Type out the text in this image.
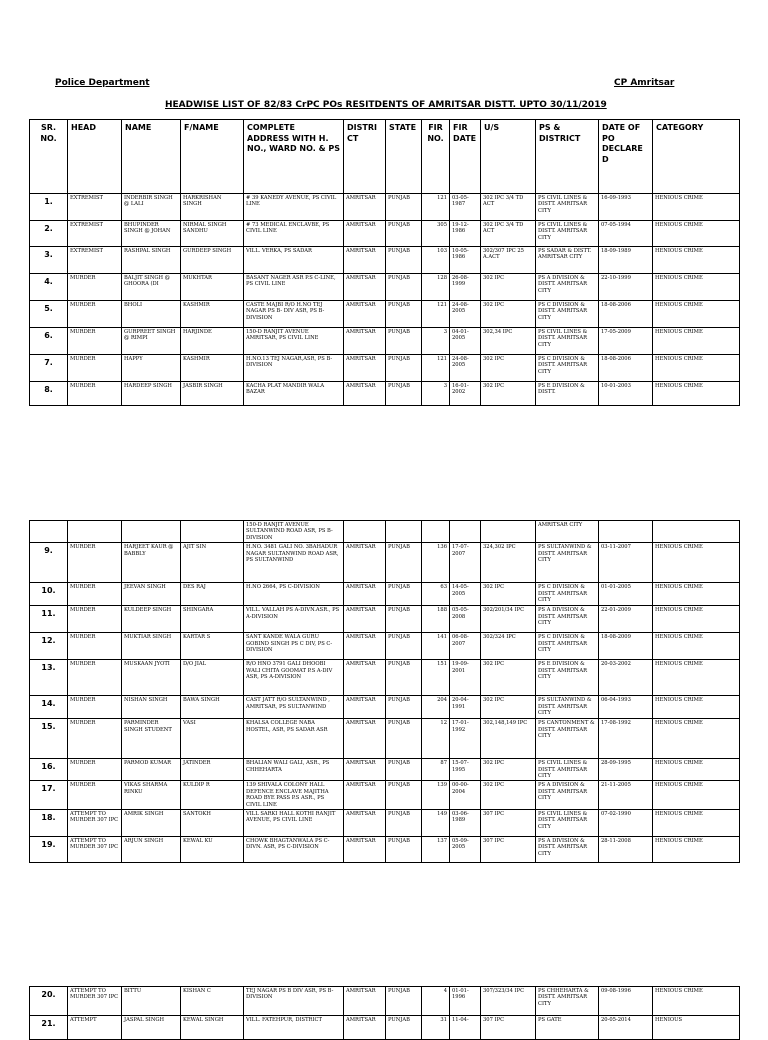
Police Department	CP Amritsar
HEADWISE LIST OF 82/83 CrPC POs RESITDENTS OF AMRITSAR DISTT. UPTO 30/11/2019
SR. NO.	HEAD	NAME	F/NAME	COMPLETE ADDRESS WITH H. NO., WARD NO. & PS	DISTRICT	STATE	FIR NO.	FIR DATE	U/S	PS & DISTRICT	DATE OF PO DECLARED	CATEGORY
1.	EXTREMIST	INDERBIR SINGH @ LALI	HARKRISHAN SINGH	# 39 KANEDY AVENUE, PS CIVIL LINE	AMRITSAR	PUNJAB	121	03-05-1987	302 IPC 3/4 TD ACT	PS CIVIL LINES & DISTT. AMRITSAR CITY	16-09-1993	HENIOUS CRIME
2.	EXTREMIST	BHUPINDER SINGH @ JOHAN	NIRMAL SINGH SANDHU	# 73 MEDICAL ENCLAVBE, PS CIVIL LINE	AMRITSAR	PUNJAB	305	19-12-1986	302 IPC 3/4 TD ACT	PS CIVIL LINES & DISTT. AMRITSAR CITY	07-05-1994	HENIOUS CRIME
3.	EXTREMIST	RASHPAL SINGH	GURDEEP SINGH	VILL. VERKA, PS SADAR	AMRITSAR	PUNJAB	103	10-05-1986	302/307 IPC 25 A.ACT	PS SADAR & DISTT. AMRITSAR CITY	18-09-1989	HENIOUS CRIME
4.	MURDER	BALJIT SINGH @ GHOORA (DI	MUKHTAR	BASANT NAGER ASR P.S C-LINE, PS CIVIL LINE	AMRITSAR	PUNJAB	128	26-08-1999	302 IPC	PS A DIVISION & DISTT. AMRITSAR CITY	22-10-1999	HENIOUS CRIME
5.	MURDER	BHOLI	KASHMIR	CASTE MAJBI R/O H.NO TEJ NAGAR PS B- DIV ASR, PS B-DIVISION	AMRITSAR	PUNJAB	121	24-08-2005	302 IPC	PS C DIVISION & DISTT. AMRITSAR CITY	18-08-2006	HENIOUS CRIME
6.	MURDER	GURPREET SINGH @ RIMPI	HARJINDE	150-D RANJIT AVENUE AMRITSAR, PS CIVIL LINE	AMRITSAR	PUNJAB	3	04-01-2005	302,34 IPC	PS CIVIL LINES & DISTT. AMRITSAR CITY	17-05-2009	HENIOUS CRIME
7.	MURDER	HAPPY	KASHMIR	H.NO.13 TEJ NAGAR,ASR, PS B-DIVISION	AMRITSAR	PUNJAB	121	24-08-2005	302 IPC	PS C DIVISION & DISTT. AMRITSAR CITY	18-08-2006	HENIOUS CRIME
8.	MURDER	HARDEEP SINGH	JASBIR SINGH	KACHA PLAT MANDIR WALA BAZAR	AMRITSAR	PUNJAB	3	16-01-2002	302 IPC	PS E DIVISION & DISTT.	10-01-2003	HENIOUS CRIME
				150-D RANJIT AVENUE SULTANWIND ROAD ASR, PS B-DIVISION						AMRITSAR CITY		
9.	MURDER	HARJEET KAUR @ BABBLY	AJIT SIN	H.NO. 3481 GALI NO. 3BAHADUR NAGAR SULTANWIND ROAD ASR, PS SULTANWIND	AMRITSAR	PUNJAB	136	17-07-2007	324,302 IPC	PS SULTANWIND & DISTT. AMRITSAR CITY	03-11-2007	HENIOUS CRIME
10.	MURDER	JEEVAN SINGH	DES RAJ	H.NO 2664, PS C-DIVISION	AMRITSAR	PUNJAB	63	14-05-2005	302 IPC	PS C DIVISION & DISTT. AMRITSAR CITY	01-01-2005	HENIOUS CRIME
11.	MURDER	KULDEEP SINGH	SHINGARA	VILL. VALLAH PS A-DIVN.ASR., PS A-DIVISION	AMRITSAR	PUNJAB	188	05-05-2008	302/201/34 IPC	PS A DIVISION & DISTT. AMRITSAR CITY	22-01-2009	HENIOUS CRIME
12.	MURDER	MUKTIAR SINGH	KARTAR S	SANT KANDE WALA GURU GOBIND SINGH PS C DIV, PS C-DIVISION	AMRITSAR	PUNJAB	141	06-08-2007	302/324 IPC	PS C DIVISION & DISTT. AMRITSAR CITY	18-08-2009	HENIOUS CRIME
13.	MURDER	MUSKAAN JYOTI	D/O JIAL	R/O HNO 3791 GALI DHOOBI WALI CHITA GOOMAT P.S A-DIV ASR, PS A-DIVISION	AMRITSAR	PUNJAB	151	19-09-2001	302 IPC	PS E DIVISION & DISTT. AMRITSAR CITY	20-03-2002	HENIOUS CRIME
14.	MURDER	NISHAN SINGH	BAWA SINGH	CAST JATT R/O SULTANWIND , AMRITSAR, PS SULTANWIND	AMRITSAR	PUNJAB	204	20-04-1991	302 IPC	PS SULTANWIND & DISTT. AMRITSAR CITY	06-04-1993	HENIOUS CRIME
15.	MURDER	PARMINDER SINGH STUDENT	VASI	KHALSA COLLEGE NABA HOSTEL, ASR, PS SADAR ASR	AMRITSAR	PUNJAB	12	17-01-1992	302,148,149 IPC	PS CANTONMENT & DISTT. AMRITSAR CITY	17-08-1992	HENIOUS CRIME
16.	MURDER	PARMOD KUMAR	JATINDER	BHALIAN WALI GALI, ASR., PS CHHEHARTA	AMRITSAR	PUNJAB	87	15-07-1995	302 IPC	PS CIVIL LINES & DISTT. AMRITSAR CITY	28-09-1995	HENIOUS CRIME
17.	MURDER	VIKAS SHARMA RINKU	KULDIP R	139 SHIVALA COLONY HALL DEFENCE ENCLAVE MAJITHA ROAD BYE PASS P.S ASR., PS CIVIL LINE	AMRITSAR	PUNJAB	139	00-00-2004	302 IPC	PS A DIVISION & DISTT. AMRITSAR CITY	21-11-2005	HENIOUS CRIME
18.	ATTEMPT TO MURDER 307 IPC	AMRIK SINGH	SANTOKH	VILL SARKI HALL KOTHI RANJIT AVENUE, PS CIVIL LINE	AMRITSAR	PUNJAB	149	03-06-1989	307 IPC	PS CIVIL LINES & DISTT. AMRITSAR CITY	07-02-1990	HENIOUS CRIME
19.	ATTEMPT TO MURDER 307 IPC	ARJUN SINGH	KEWAL KU	CHOWK BHAGTANWALA PS C-DIVN. ASR, PS C-DIVISION	AMRITSAR	PUNJAB	137	05-09-2005	307 IPC	PS A DIVISION & DISTT. AMRITSAR CITY	28-11-2008	HENIOUS CRIME
20.	ATTEMPT TO MURDER 307 IPC	BITTU	KISHAN C	TEJ NAGAR PS B DIV ASR, PS B-DIVISION	AMRITSAR	PUNJAB	4	01-01-1996	307/323/34 IPC	PS CHHEHARTA & DISTT. AMRITSAR CITY	09-08-1996	HENIOUS CRIME
21.	ATTEMPT	JASPAL SINGH	KEWAL SINGH	VILL. FATEHPUR, DISTRICT	AMRITSAR	PUNJAB	31	11-04-	307 IPC	PS GATE	20-05-2014	HENIOUS
